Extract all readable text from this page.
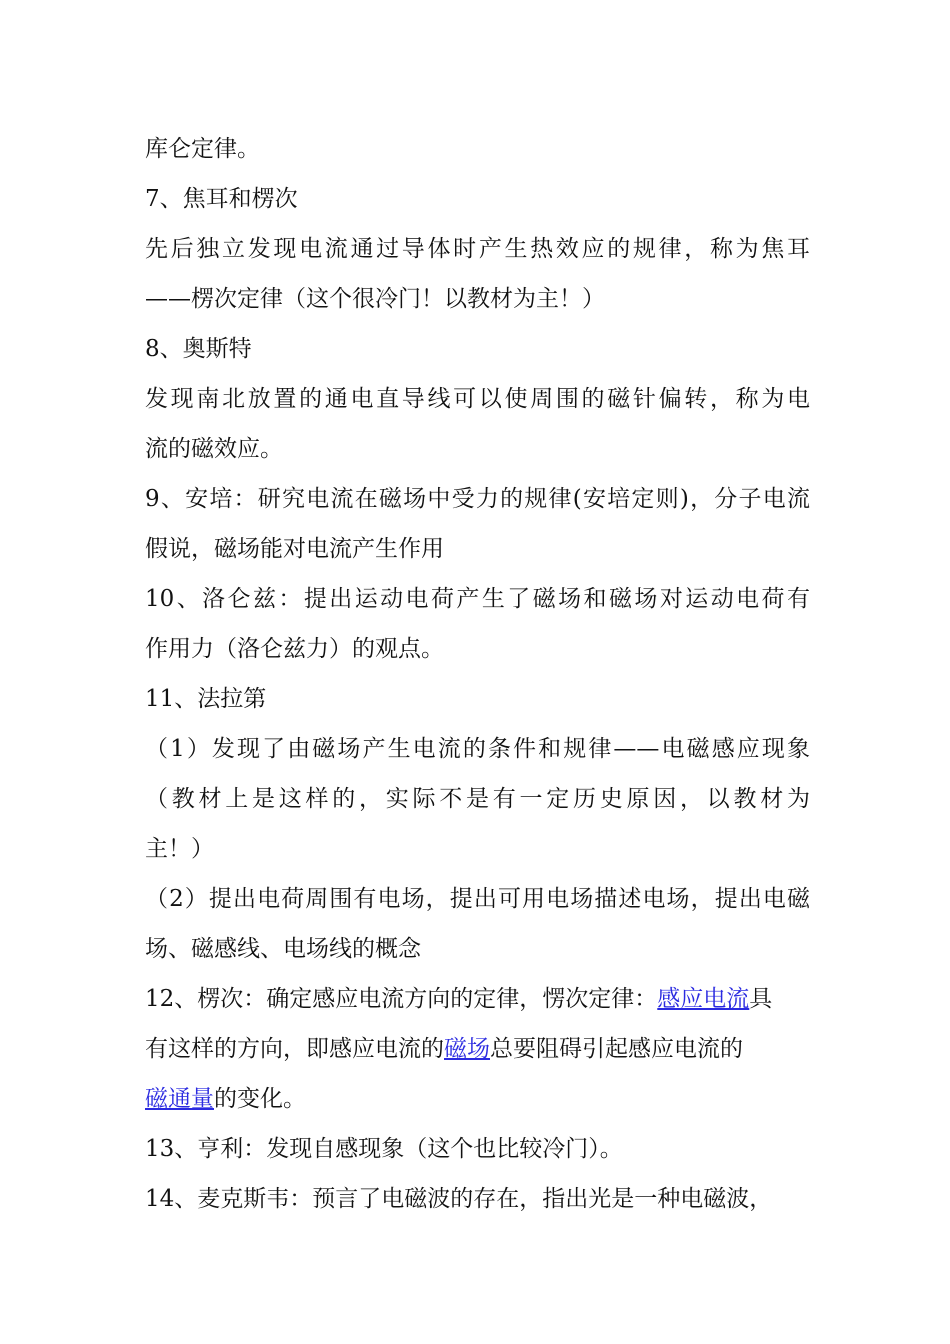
库仑定律。
7、焦耳和楞次
先后独立发现电流通过导体时产生热效应的规律，称为焦耳
——楞次定律（这个很冷门！以教材为主！）
8、奥斯特
发现南北放置的通电直导线可以使周围的磁针偏转，称为电
流的磁效应。
9、安培：研究电流在磁场中受力的规律(安培定则)，分子电流
假说，磁场能对电流产生作用
10、洛仑兹：提出运动电荷产生了磁场和磁场对运动电荷有
作用力（洛仑兹力）的观点。
11、法拉第
（1）发现了由磁场产生电流的条件和规律——电磁感应现象
（教材上是这样的，实际不是有一定历史原因，以教材为
主！）
（2）提出电荷周围有电场，提出可用电场描述电场，提出电磁
场、磁感线、电场线的概念
12、楞次：确定感应电流方向的定律，愣次定律：感应电流具
有这样的方向，即感应电流的磁场总要阻碍引起感应电流的
磁通量的变化。
13、亨利：发现自感现象（这个也比较冷门）。
14、麦克斯韦：预言了电磁波的存在，指出光是一种电磁波，
